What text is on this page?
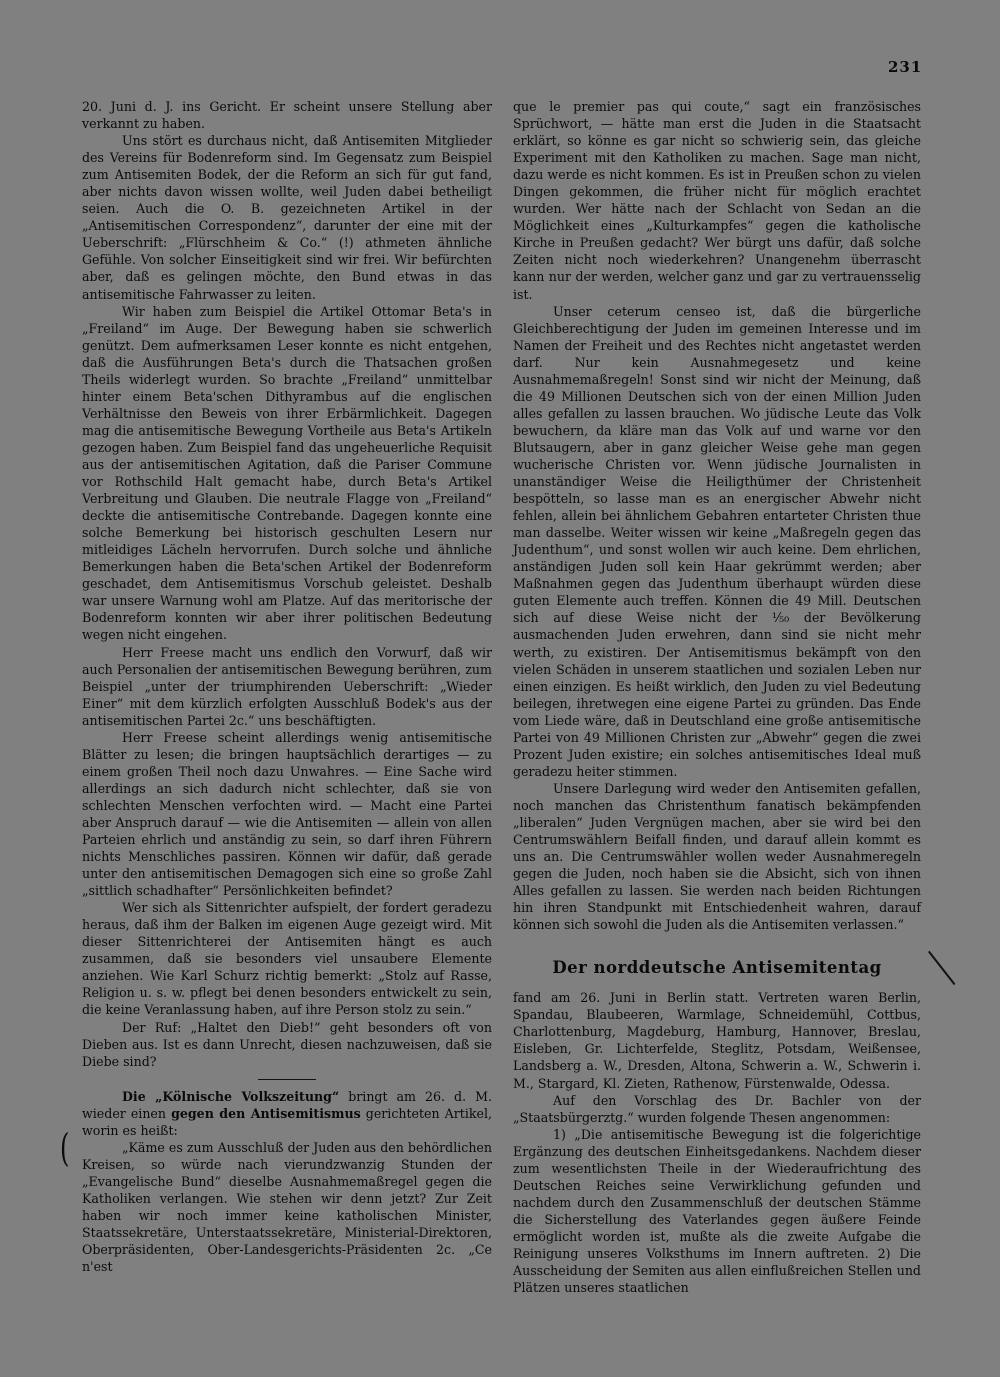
231

20. Juni d. J. ins Gericht. Er scheint unsere Stellung aber verkannt zu haben.

Uns stört es durchaus nicht, daß Antisemiten Mitglieder des Vereins für Bodenreform sind. Im Gegensatz zum Beispiel zum Antisemiten Bodek, der die Reform an sich für gut fand, aber nichts davon wissen wollte, weil Juden dabei betheiligt seien. Auch die O. B. gezeichneten Artikel in der „Antisemitischen Correspondenz“, darunter der eine mit der Ueberschrift: „Flürschheim & Co.“ (!) athmeten ähnliche Gefühle. Von solcher Einseitigkeit sind wir frei. Wir befürchten aber, daß es gelingen möchte, den Bund etwas in das antisemitische Fahrwasser zu leiten.

Wir haben zum Beispiel die Artikel Ottomar Beta's in „Freiland“ im Auge. Der Bewegung haben sie schwerlich genützt. Dem aufmerksamen Leser konnte es nicht entgehen, daß die Ausführungen Beta's durch die Thatsachen großen Theils widerlegt wurden. So brachte „Freiland“ unmittelbar hinter einem Beta'schen Dithyrambus auf die englischen Verhältnisse den Beweis von ihrer Erbärmlichkeit. Dagegen mag die antisemitische Bewegung Vortheile aus Beta's Artikeln gezogen haben. Zum Beispiel fand das ungeheuerliche Requisit aus der antisemitischen Agitation, daß die Pariser Commune vor Rothschild Halt gemacht habe, durch Beta's Artikel Verbreitung und Glauben. Die neutrale Flagge von „Freiland“ deckte die antisemitische Contrebande. Dagegen konnte eine solche Bemerkung bei historisch geschulten Lesern nur mitleidiges Lächeln hervorrufen. Durch solche und ähnliche Bemerkungen haben die Beta'schen Artikel der Bodenreform geschadet, dem Antisemitismus Vorschub geleistet. Deshalb war unsere Warnung wohl am Platze. Auf das meritorische der Bodenreform konnten wir aber ihrer politischen Bedeutung wegen nicht eingehen.

Herr Freese macht uns endlich den Vorwurf, daß wir auch Personalien der antisemitischen Bewegung berühren, zum Beispiel „unter der triumphirenden Ueberschrift: „Wieder Einer“ mit dem kürzlich erfolgten Ausschluß Bodek's aus der antisemitischen Partei 2c.“ uns beschäftigten.

Herr Freese scheint allerdings wenig antisemitische Blätter zu lesen; die bringen hauptsächlich derartiges — zu einem großen Theil noch dazu Unwahres. — Eine Sache wird allerdings an sich dadurch nicht schlechter, daß sie von schlechten Menschen verfochten wird. — Macht eine Partei aber Anspruch darauf — wie die Antisemiten — allein von allen Parteien ehrlich und anständig zu sein, so darf ihren Führern nichts Menschliches passiren. Können wir dafür, daß gerade unter den antisemitischen Demagogen sich eine so große Zahl „sittlich schadhafter“ Persönlichkeiten befindet?

Wer sich als Sittenrichter aufspielt, der fordert geradezu heraus, daß ihm der Balken im eigenen Auge gezeigt wird. Mit dieser Sittenrichterei der Antisemiten hängt es auch zusammen, daß sie besonders viel unsaubere Elemente anziehen. Wie Karl Schurz richtig bemerkt: „Stolz auf Rasse, Religion u. s. w. pflegt bei denen besonders entwickelt zu sein, die keine Veranlassung haben, auf ihre Person stolz zu sein.“

Der Ruf: „Haltet den Dieb!“ geht besonders oft von Dieben aus. Ist es dann Unrecht, diesen nachzuweisen, daß sie Diebe sind?

Die „Kölnische Volkszeitung“ bringt am 26. d. M. wieder einen gegen den Antisemitismus gerichteten Artikel, worin es heißt:

„Käme es zum Ausschluß der Juden aus den behördlichen Kreisen, so würde nach vierundzwanzig Stunden der „Evangelische Bund“ dieselbe Ausnahmemaßregel gegen die Katholiken verlangen. Wie stehen wir denn jetzt? Zur Zeit haben wir noch immer keine katholischen Minister, Staatssekretäre, Unterstaatssekretäre, Ministerial-Direktoren, Oberpräsidenten, Ober-Landesgerichts-Präsidenten 2c. „Ce n'est

que le premier pas qui coute,“ sagt ein französisches Sprüchwort, — hätte man erst die Juden in die Staatsacht erklärt, so könne es gar nicht so schwierig sein, das gleiche Experiment mit den Katholiken zu machen. Sage man nicht, dazu werde es nicht kommen. Es ist in Preußen schon zu vielen Dingen gekommen, die früher nicht für möglich erachtet wurden. Wer hätte nach der Schlacht von Sedan an die Möglichkeit eines „Kulturkampfes“ gegen die katholische Kirche in Preußen gedacht? Wer bürgt uns dafür, daß solche Zeiten nicht noch wiederkehren? Unangenehm überrascht kann nur der werden, welcher ganz und gar zu vertrauensselig ist.

Unser ceterum censeo ist, daß die bürgerliche Gleichberechtigung der Juden im gemeinen Interesse und im Namen der Freiheit und des Rechtes nicht angetastet werden darf. Nur kein Ausnahmegesetz und keine Ausnahmemaßregeln! Sonst sind wir nicht der Meinung, daß die 49 Millionen Deutschen sich von der einen Million Juden alles gefallen zu lassen brauchen. Wo jüdische Leute das Volk bewuchern, da kläre man das Volk auf und warne vor den Blutsaugern, aber in ganz gleicher Weise gehe man gegen wucherische Christen vor. Wenn jüdische Journalisten in unanständiger Weise die Heiligthümer der Christenheit bespötteln, so lasse man es an energischer Abwehr nicht fehlen, allein bei ähnlichem Gebahren entarteter Christen thue man dasselbe. Weiter wissen wir keine „Maßregeln gegen das Judenthum“, und sonst wollen wir auch keine. Dem ehrlichen, anständigen Juden soll kein Haar gekrümmt werden; aber Maßnahmen gegen das Judenthum überhaupt würden diese guten Elemente auch treffen. Können die 49 Mill. Deutschen sich auf diese Weise nicht der ¹⁄₅₀ der Bevölkerung ausmachenden Juden erwehren, dann sind sie nicht mehr werth, zu existiren. Der Antisemitismus bekämpft von den vielen Schäden in unserem staatlichen und sozialen Leben nur einen einzigen. Es heißt wirklich, den Juden zu viel Bedeutung beilegen, ihretwegen eine eigene Partei zu gründen. Das Ende vom Liede wäre, daß in Deutschland eine große antisemitische Partei von 49 Millionen Christen zur „Abwehr“ gegen die zwei Prozent Juden existire; ein solches antisemitisches Ideal muß geradezu heiter stimmen.

Unsere Darlegung wird weder den Antisemiten gefallen, noch manchen das Christenthum fanatisch bekämpfenden „liberalen“ Juden Vergnügen machen, aber sie wird bei den Centrumswählern Beifall finden, und darauf allein kommt es uns an. Die Centrumswähler wollen weder Ausnahmeregeln gegen die Juden, noch haben sie die Absicht, sich von ihnen Alles gefallen zu lassen. Sie werden nach beiden Richtungen hin ihren Standpunkt mit Entschiedenheit wahren, darauf können sich sowohl die Juden als die Antisemiten verlassen.“

Der norddeutsche Antisemitentag

fand am 26. Juni in Berlin statt. Vertreten waren Berlin, Spandau, Blaubeeren, Warmlage, Schneidemühl, Cottbus, Charlottenburg, Magdeburg, Hamburg, Hannover, Breslau, Eisleben, Gr. Lichterfelde, Steglitz, Potsdam, Weißensee, Landsberg a. W., Dresden, Altona, Schwerin a. W., Schwerin i. M., Stargard, Kl. Zieten, Rathenow, Fürstenwalde, Odessa.

Auf den Vorschlag des Dr. Bachler von der „Staatsbürgerztg.“ wurden folgende Thesen angenommen:

1) „Die antisemitische Bewegung ist die folgerichtige Ergänzung des deutschen Einheitsgedankens. Nachdem dieser zum wesentlichsten Theile in der Wiederaufrichtung des Deutschen Reiches seine Verwirklichung gefunden und nachdem durch den Zusammenschluß der deutschen Stämme die Sicherstellung des Vaterlandes gegen äußere Feinde ermöglicht worden ist, mußte als die zweite Aufgabe die Reinigung unseres Volksthums im Innern auftreten. 2) Die Ausscheidung der Semiten aus allen einflußreichen Stellen und Plätzen unseres staatlichen

(
